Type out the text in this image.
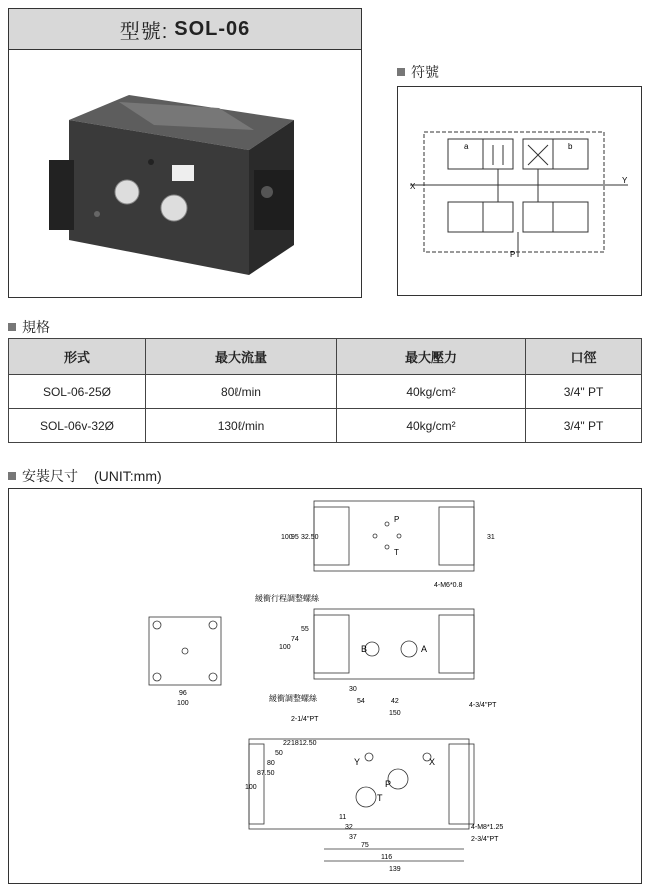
型號: SOL-06
符號
a	b
X
Y
P
規格
形式	最大流量	最大壓力	口徑
SOL-06-25Ø	80ℓ/min	40kg/cm²	3/4" PT
SOL-06v-32Ø	130ℓ/min	40kg/cm²	3/4" PT
安裝尺寸 (UNIT:mm)
P
T
B	A
Y	X
P
T
4-M6*0.8
緩衝行程調整螺絲
緩衝調整螺絲
4-3/4"PT
2-1/4"PT
4-M8*1.25
2-3/4"PT
100
95 32.50	31
96
100
100
74
55
30
54	42
150
100
87.50
80
50
22 18 12.50
11
32
37
75
116
139
